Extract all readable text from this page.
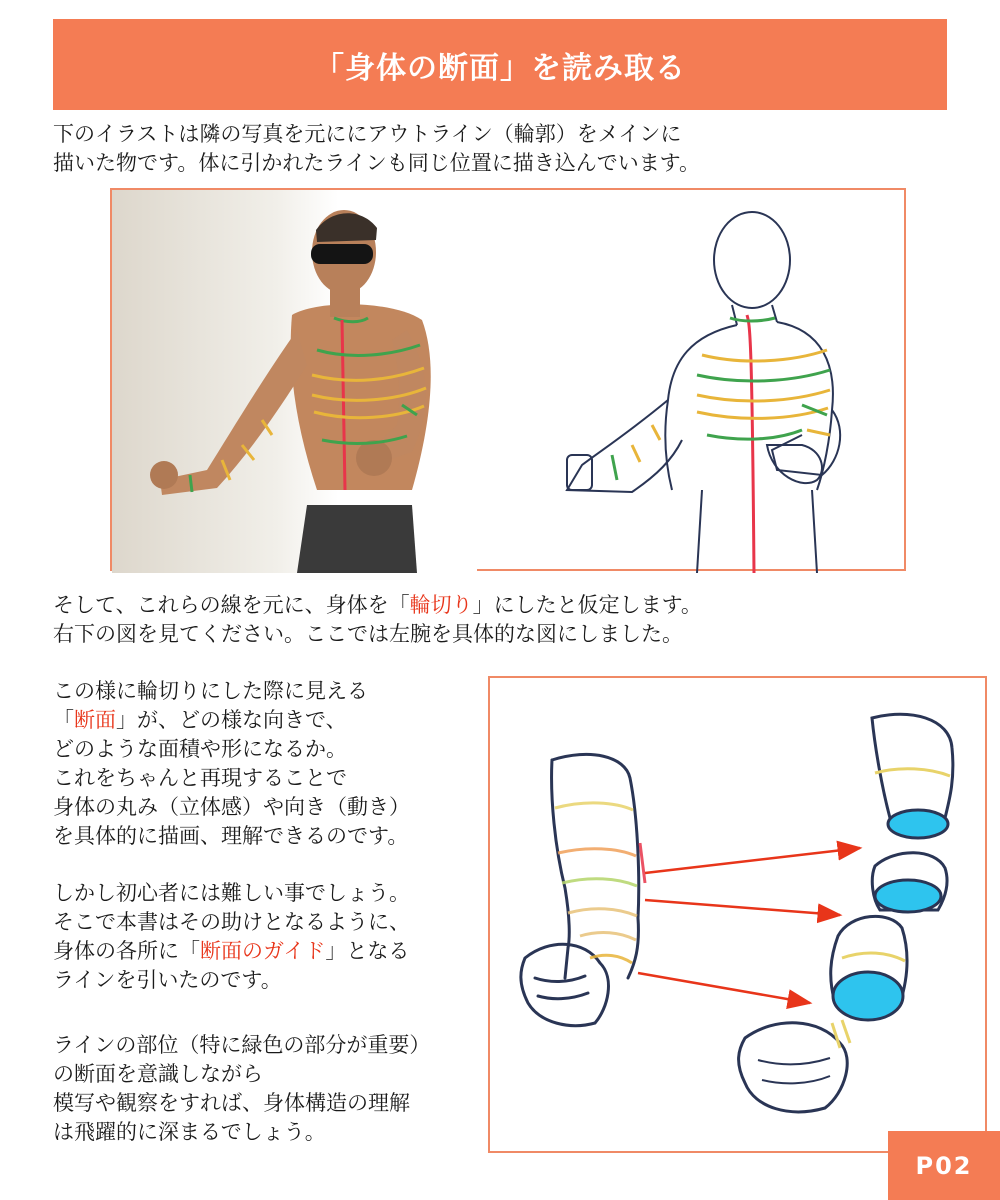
「身体の断面」を読み取る

下のイラストは隣の写真を元ににアウトライン（輪郭）をメインに
描いた物です。体に引かれたラインも同じ位置に描き込んでいます。

そして、これらの線を元に、身体を「輪切り」にしたと仮定します。
右下の図を見てください。ここでは左腕を具体的な図にしました。

この様に輪切りにした際に見える
「断面」が、どの様な向きで、
どのような面積や形になるか。
これをちゃんと再現することで
身体の丸み（立体感）や向き（動き）
を具体的に描画、理解できるのです。

しかし初心者には難しい事でしょう。
そこで本書はその助けとなるように、
身体の各所に「断面のガイド」となる
ラインを引いたのです。

ラインの部位（特に緑色の部分が重要）
の断面を意識しながら
模写や観察をすれば、身体構造の理解
は飛躍的に深まるでしょう。

P02
